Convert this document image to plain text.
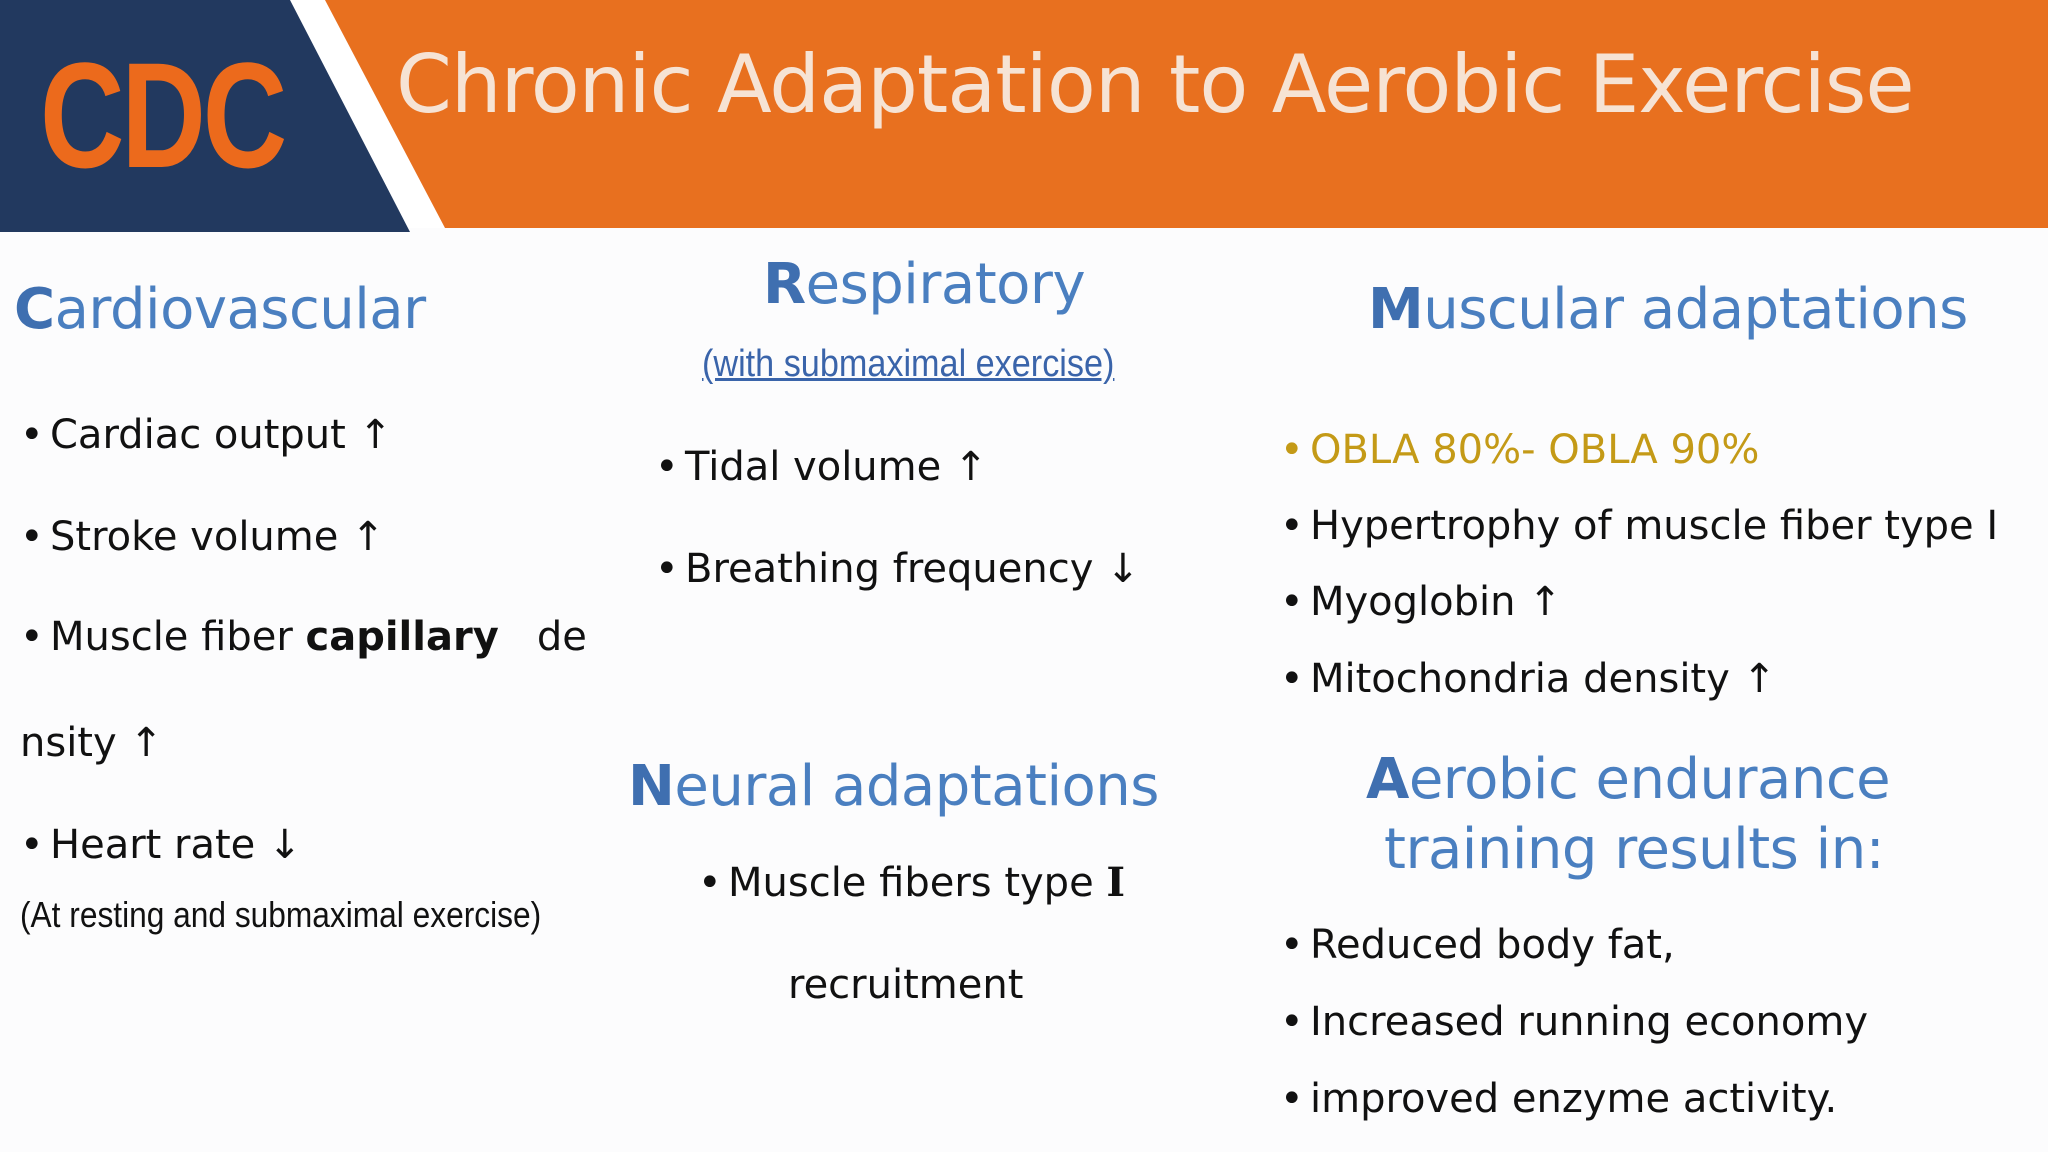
CDC Chronic Adaptation to Aerobic Exercise
Cardiovascular
• Cardiac output ↑
• Stroke volume ↑
• Muscle fiber capillary   de
nsity ↑
• Heart rate ↓
(At resting and submaximal exercise)
Respiratory
(with submaximal exercise)
• Tidal volume ↑
• Breathing frequency ↓
Neural adaptations
• Muscle fibers type I
recruitment
Muscular adaptations
• OBLA 80%- OBLA 90%
• Hypertrophy of muscle fiber type I
• Myoglobin ↑
• Mitochondria density ↑
Aerobic endurance
training results in:
• Reduced body fat,
• Increased running economy
• improved enzyme activity.
